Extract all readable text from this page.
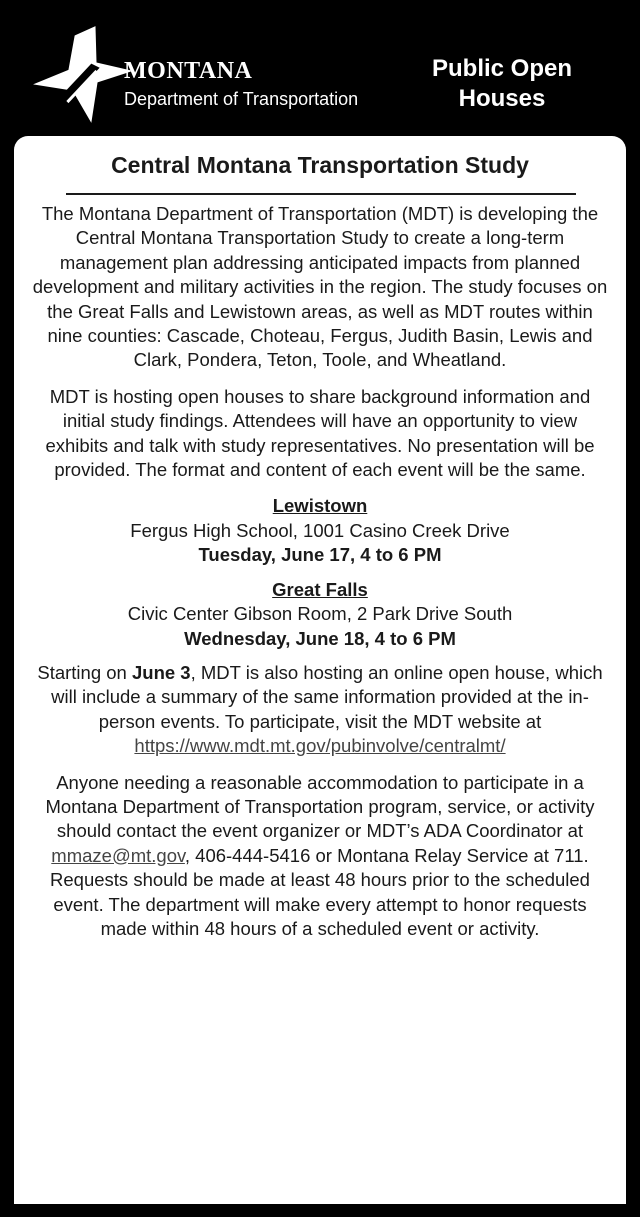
MONTANA
Department of Transportation
Public Open
Houses
Central Montana Transportation Study

The Montana Department of Transportation (MDT) is developing the Central Montana Transportation Study to create a long-term management plan addressing anticipated impacts from planned development and military activities in the region. The study focuses on the Great Falls and Lewistown areas, as well as MDT routes within nine counties: Cascade, Choteau, Fergus, Judith Basin, Lewis and Clark, Pondera, Teton, Toole, and Wheatland.

MDT is hosting open houses to share background information and initial study findings. Attendees will have an opportunity to view exhibits and talk with study representatives. No presentation will be provided. The format and content of each event will be the same.

Lewistown
Fergus High School, 1001 Casino Creek Drive
Tuesday, June 17, 4 to 6 PM
Great Falls
Civic Center Gibson Room, 2 Park Drive South
Wednesday, June 18, 4 to 6 PM

Starting on June 3, MDT is also hosting an online open house, which will include a summary of the same information provided at the in-person events. To participate, visit the MDT website at
https://www.mdt.mt.gov/pubinvolve/centralmt/

Anyone needing a reasonable accommodation to participate in a Montana Department of Transportation program, service, or activity should contact the event organizer or MDT’s ADA Coordinator at mmaze@mt.gov, 406-444-5416 or Montana Relay Service at 711. Requests should be made at least 48 hours prior to the scheduled event. The department will make every attempt to honor requests made within 48 hours of a scheduled event or activity.
